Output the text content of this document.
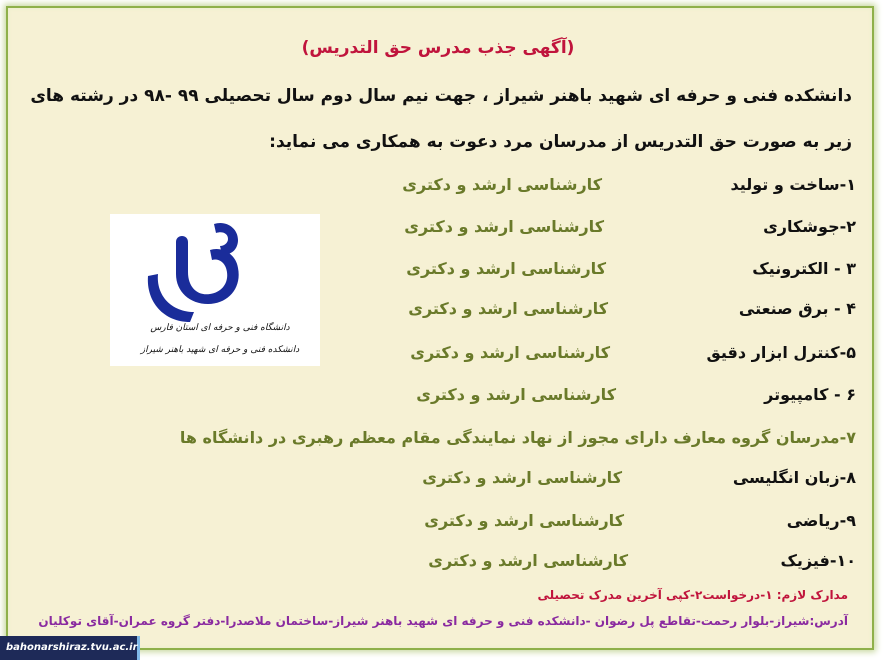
(آگهی جذب مدرس حق التدریس)
دانشکده فنی و حرفه ای شهید باهنر شیراز ، جهت نیم سال دوم سال تحصیلی ۹۹ -۹۸ در رشته های
زیر به صورت حق التدریس از مدرسان مرد دعوت به همکاری می نماید:
دانشگاه فنی و حرفه ای استان فارس
دانشکده فنی و حرفه ای شهید باهنر شیراز
۱-ساخت و تولید
کارشناسی ارشد و دکتری
۲-جوشکاری
کارشناسی ارشد و دکتری
۳ - الکترونیک
کارشناسی ارشد و دکتری
۴ - برق صنعتی
کارشناسی ارشد و دکتری
۵-کنترل ابزار دقیق
کارشناسی ارشد و دکتری
۶ - کامپیوتر
کارشناسی ارشد و دکتری
۷-مدرسان گروه معارف دارای مجوز از نهاد نمایندگی مقام معظم رهبری در دانشگاه ها
۸-زبان انگلیسی
کارشناسی ارشد و دکتری
۹-ریاضی
کارشناسی ارشد و دکتری
۱۰-فیزیک
کارشناسی ارشد و دکتری
مدارک لازم: ۱-درخواست۲-کپی آخرین مدرک تحصیلی
آدرس:شیراز-بلوار رحمت-تقاطع پل رضوان -دانشکده فنی و حرفه ای شهید باهنر شیراز-ساختمان ملاصدرا-دفتر گروه عمران-آقای توکلیان
bahonarshiraz.tvu.ac.ir
